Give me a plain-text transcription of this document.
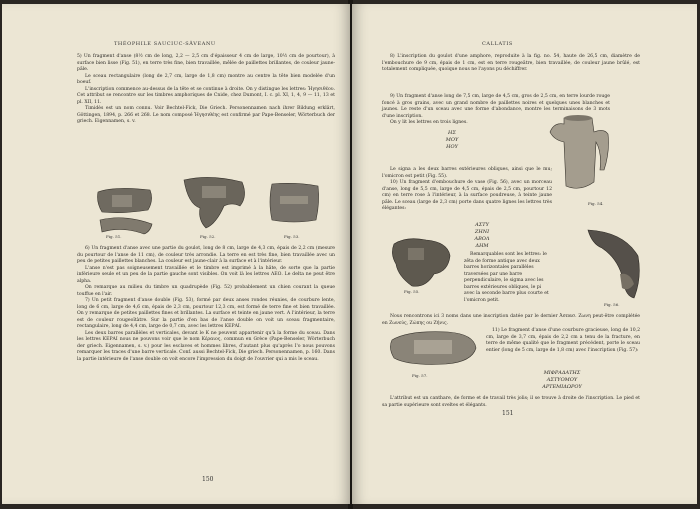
THÉOPHILE SAUCIUC-SĂVEANU

5) Un fragment d'anse (8½ cm de long, 2,2 — 2,5 cm d'épaisseur 4 cm de large, 10½ cm de pourtour), à surface bien lisse (Fig. 51), en terre très fine, bien travaillée, mêlée de paillettes brillantes, de couleur jaune-pâle.

Le sceau rectangulaire (long de 2,7 cm, large de 1,8 cm) montre au centre la tête bien modelée d'un boeuf.

L'inscription commence au-dessus de la tête et se continue à droite. On y distingue les lettres: Ἡγησιθέου. Cet attribut se rencontre sur les timbres amphoriques de Cnide, chez Dumont, I. c. pl. XI, 1, 4, 9 — 11, 13 et pl. XII, 11.

Timidès est un nom connu. Voir Bechtel-Fick, Die Griech. Personennamen nach ihrer Bildung erklärt, Göttingen, 1894, p. 266 et 268. Le nom composé Ἡγησιθέης est confirmé par Pape-Benseler, Wörterbuch der griech. Eigennamen, s. v.

Fig. 51.	Fig. 52.	Fig. 53.

6) Un fragment d'anse avec une partie du goulot, long de 8 cm, large de 4,3 cm, épais de 2,2 cm (mesure du pourtour de l'anse de 11 cm), de couleur très arrondie. La terre en est très fine, bien travaillée avec un peu de petites paillettes blanches. La couleur est jaune-clair à la surface et à l'intérieur.

L'anse n'est pas soigneusement travaillée et le timbre est imprimé à la hâte, de sorte que la partie inférieure seule et un peu de la partie gauche sont visibles. On voit là les lettres ΛΕΟ. Le delta ne peut être alpha.

On remarque au milieu du timbre un quadrupède (Fig. 52) probablement un chien courant la queue touffue en l'air.

7) Un petit fragment d'anse double (Fig. 53), formé par deux anses rondes réunies, de courbure lente, long de 6 cm, large de 4,6 cm, épais de 2,3 cm, pourtour 12,3 cm, est formé de terre fine et bien travaillée. On y remarque de petites paillettes fines et brillantes. La surface et teinte en jaune vert. A l'intérieur, la terre est de couleur rougeoîtàtre. Sur la partie d'en bas de l'anse double on voit un sceau fragmentaire, rectangulaire, long de 4,4 cm, large de 0,7 cm, avec les lettres ΚΕΡΑΙ.

Les deux barres parallèles et verticales, devant le Κ ne peuvent appartenir qu'à la forme du sceau. Dans les lettres ΚΕΡΑΙ nous ne pouvons voir que le nom Κέραιος, commun en Grèce (Pape-Benseler, Wörterbuch der griech. Eigennamen, s. v.) pour les esclaves et hommes libres, d'autant plus qu'après Ι'ο nous pouvons remarquer les traces d'une barre verticale. Conf. aussi Bechtel-Fick, Die griech. Personennamen, p. 160. Dans la partie intérieure de l'anse double on voit encore l'impression du doigt de l'ouvrier qui a mis le sceau.

150
CALLATIS

8) L'inscription du goulot d'une amphore, reproduite à la fig. no. 54, haute de 26,5 cm, diamètre de l'embouchure de 9 cm, épais de 1 cm, est en terre rougeâtre, bien travaillée, de couleur jaune brûlé, est totalement compliquée, quoique nous ne l'ayons pu déchiffrer.

9) Un fragment d'anse long de 7,5 cm, large de 4,5 cm, gros de 2,5 cm, en terre lourde rouge foncé à gros grains, avec un grand nombre de paillettes noires et quelques unes blanches et jaunes. Le reste d'un sceau avec une forme d'abondance, montre les terminaisons de 3 mots d'une inscription.

On y lit les lettres en trois lignes.

ΗΣ
ΜΟΥ
ΗΟΥ
Fig. 54.

Le signa a les deux barres extérieures obliques, ainsi que le mu; l'omicron est petit (Fig. 55).

10) Un fragment d'embouchure de vase (Fig. 56), avec un morceau d'anse, long de 5,5 cm, large de 4,5 cm, épais de 2,5 cm, pourtour 12 cm) en terre rose à l'intérieur, à la surface poudreuse, à teinte jaune pâle. Le sceau (large de 2,3 cm) porte dans quatre lignes les lettres très élégantes:

ΑΣΤΥ
ΖΗΝΙ
ΑΒΟΛ
ΔΗΜ
Fig. 55.

Remarquables sont les lettres: le zêta de forme antique avec deux barres horizontales parallèles traversées par une barre perpendiculaire, le sigma avec les barres extérieures obliques, le pi avec la seconde barre plus courte et l'omicron petit.

Fig. 56.

Nous rencontrons ici 3 noms dans une inscription datée par le dernier Ἀσπασ. Ζωνη peut-être complétée en Ζωνεύς, Ζώπης ou Ζήνις.

Fig. 57.

11) Le fragment d'anse d'une courbure gracieuse, long de 10,2 cm, large de 3,7 cm, épais de 2,2 cm a tenu de la fracture, en terre de même qualité que le fragment précédent, porte le sceau entier (long de 5 cm, large de 1,8 cm) avec l'inscription (Fig. 57):

ΜΙΦΡΑΔΑΤΗΣ
ΑΣΤΥΟΜΟΥ
ΑΡΤΕΜΙΔΩΡΟΥ

L'attribut est un canthare, de forme et de travail très jolis; il se trouve à droite de l'inscription. Le pied et sa partie supérieure sont sveltes et élégants.

151
